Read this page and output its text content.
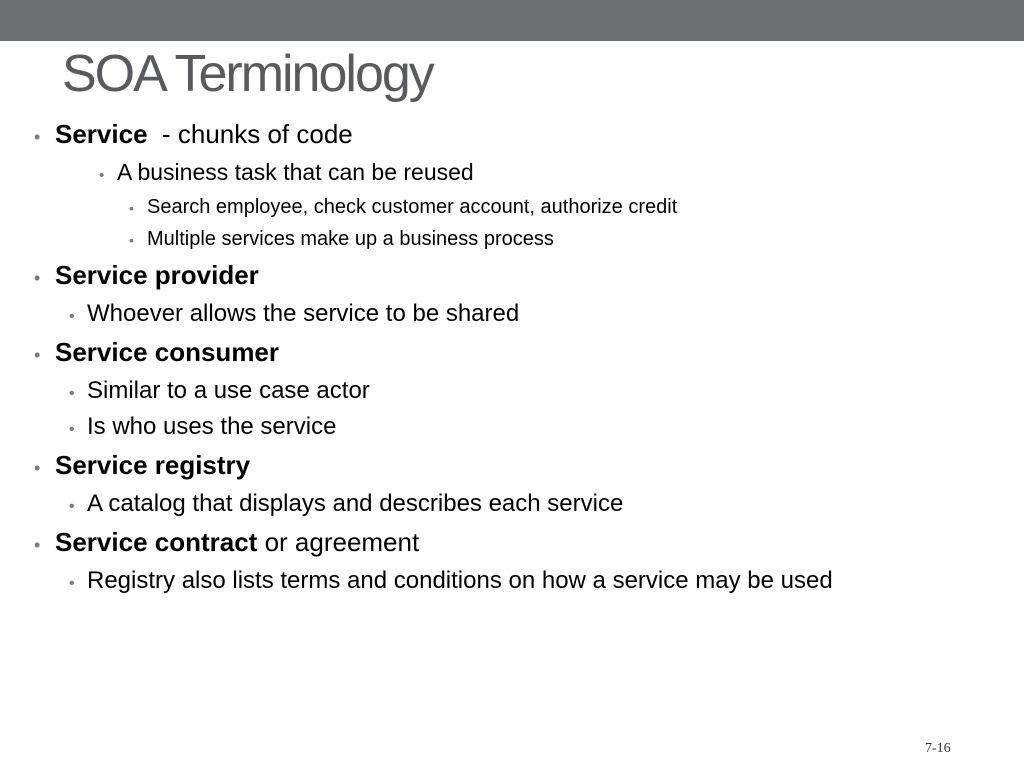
SOA Terminology
• Service
- chunks of code
• A business task that can be reused
• Search employee, check customer account, authorize credit
• Multiple services make up a business process
• Service provider
• Whoever allows the service to be shared
• Service consumer
• Similar to a use case actor
• Is who uses the service
• Service registry
• A catalog that displays and describes each service
• Service contract
or agreement
• Registry also lists terms and conditions on how a service may be used
7-16
